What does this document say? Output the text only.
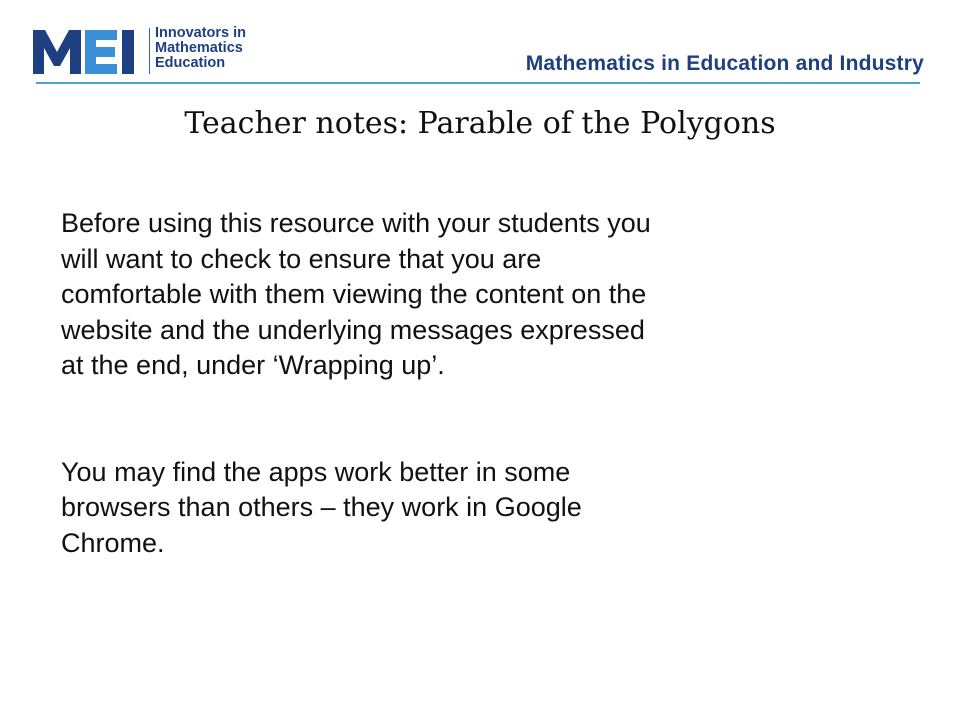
Innovators in
Mathematics
Education	Mathematics in Education and Industry
Teacher notes: Parable of the Polygons

Before using this resource with your students you
will want to check to ensure that you are
comfortable with them viewing the content on the
website and the underlying messages expressed
at the end, under ‘Wrapping up’.

You may find the apps work better in some
browsers than others – they work in Google
Chrome.
